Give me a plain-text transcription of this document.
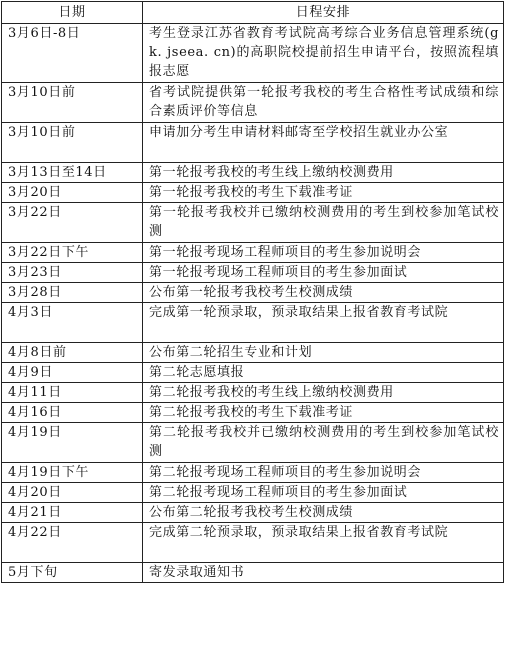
日期	日程安排
3月6日-8日	考生登录江苏省教育考试院高考综合业务信息管理系统(gk. jseea. cn)的高职院校提前招生申请平台，按照流程填报志愿
3月10日前	省考试院提供第一轮报考我校的考生合格性考试成绩和综合素质评价等信息
3月10日前	申请加分考生申请材料邮寄至学校招生就业办公室
3月13日至14日	第一轮报考我校的考生线上缴纳校测费用
3月20日	第一轮报考我校的考生下载准考证
3月22日	第一轮报考我校并已缴纳校测费用的考生到校参加笔试校测
3月22日下午	第一轮报考现场工程师项目的考生参加说明会
3月23日	第一轮报考现场工程师项目的考生参加面试
3月28日	公布第一轮报考我校考生校测成绩
4月3日	完成第一轮预录取，预录取结果上报省教育考试院
4月8日前	公布第二轮招生专业和计划
4月9日	第二轮志愿填报
4月11日	第二轮报考我校的考生线上缴纳校测费用
4月16日	第二轮报考我校的考生下载准考证
4月19日	第二轮报考我校并已缴纳校测费用的考生到校参加笔试校测
4月19日下午	第二轮报考现场工程师项目的考生参加说明会
4月20日	第二轮报考现场工程师项目的考生参加面试
4月21日	公布第二轮报考我校考生校测成绩
4月22日	完成第二轮预录取，预录取结果上报省教育考试院
5月下旬	寄发录取通知书
